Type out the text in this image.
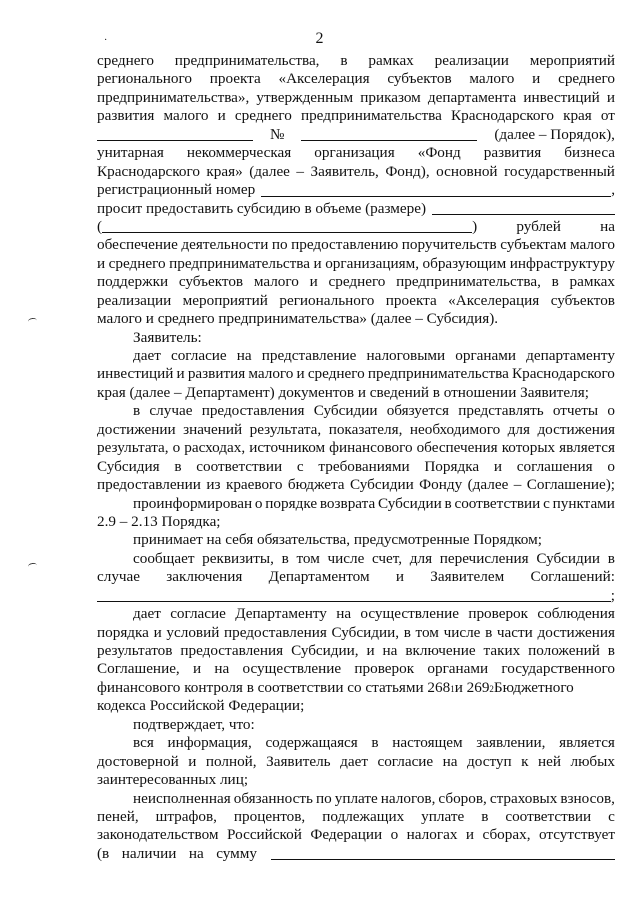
·	2
среднего предпринимательства, в рамках реализации мероприятий
регионального проекта «Акселерация субъектов малого и среднего
предпринимательства», утвержденным приказом департамента инвестиций и
развития малого и среднего предпринимательства Краснодарского края от
№	(далее – Порядок),
унитарная некоммерческая организация «Фонд развития бизнеса
Краснодарского края» (далее – Заявитель, Фонд), основной государственный
регистрационный номер	,
просит предоставить субсидию в объеме (размере)
(	)	рублей	на
обеспечение деятельности по предоставлению поручительств субъектам малого
и среднего предпринимательства и организациям, образующим инфраструктуру
поддержки субъектов малого и среднего предпринимательства, в рамках
реализации мероприятий регионального проекта «Акселерация субъектов
малого и среднего предпринимательства» (далее – Субсидия).
Заявитель:
дает согласие на представление налоговыми органами департаменту
инвестиций и развития малого и среднего предпринимательства Краснодарского
края (далее – Департамент) документов и сведений в отношении Заявителя;
в случае предоставления Субсидии обязуется представлять отчеты о
достижении значений результата, показателя, необходимого для достижения
результата, о расходах, источником финансового обеспечения которых является
Субсидия в соответствии с требованиями Порядка и соглашения о
предоставлении из краевого бюджета Субсидии Фонду (далее – Соглашение);
проинформирован о порядке возврата Субсидии в соответствии с пунктами
2.9 – 2.13 Порядка;
принимает на себя обязательства, предусмотренные Порядком;
сообщает реквизиты, в том числе счет, для перечисления Субсидии в
случае заключения Департаментом и Заявителем Соглашений:
;
дает согласие Департаменту на осуществление проверок соблюдения
порядка и условий предоставления Субсидии, в том числе в части достижения
результатов предоставления Субсидии, и на включение таких положений в
Соглашение, и на осуществление проверок органами государственного
финансового контроля в соответствии со статьями 268 1 и 269 2 Бюджетного
кодекса Российской Федерации;
подтверждает, что:
вся информация, содержащаяся в настоящем заявлении, является
достоверной и полной, Заявитель дает согласие на доступ к ней любых
заинтересованных лиц;
неисполненная обязанность по уплате налогов, сборов, страховых взносов,
пеней, штрафов, процентов, подлежащих уплате в соответствии с
законодательством Российской Федерации о налогах и сборах, отсутствует
(в наличии на сумму
